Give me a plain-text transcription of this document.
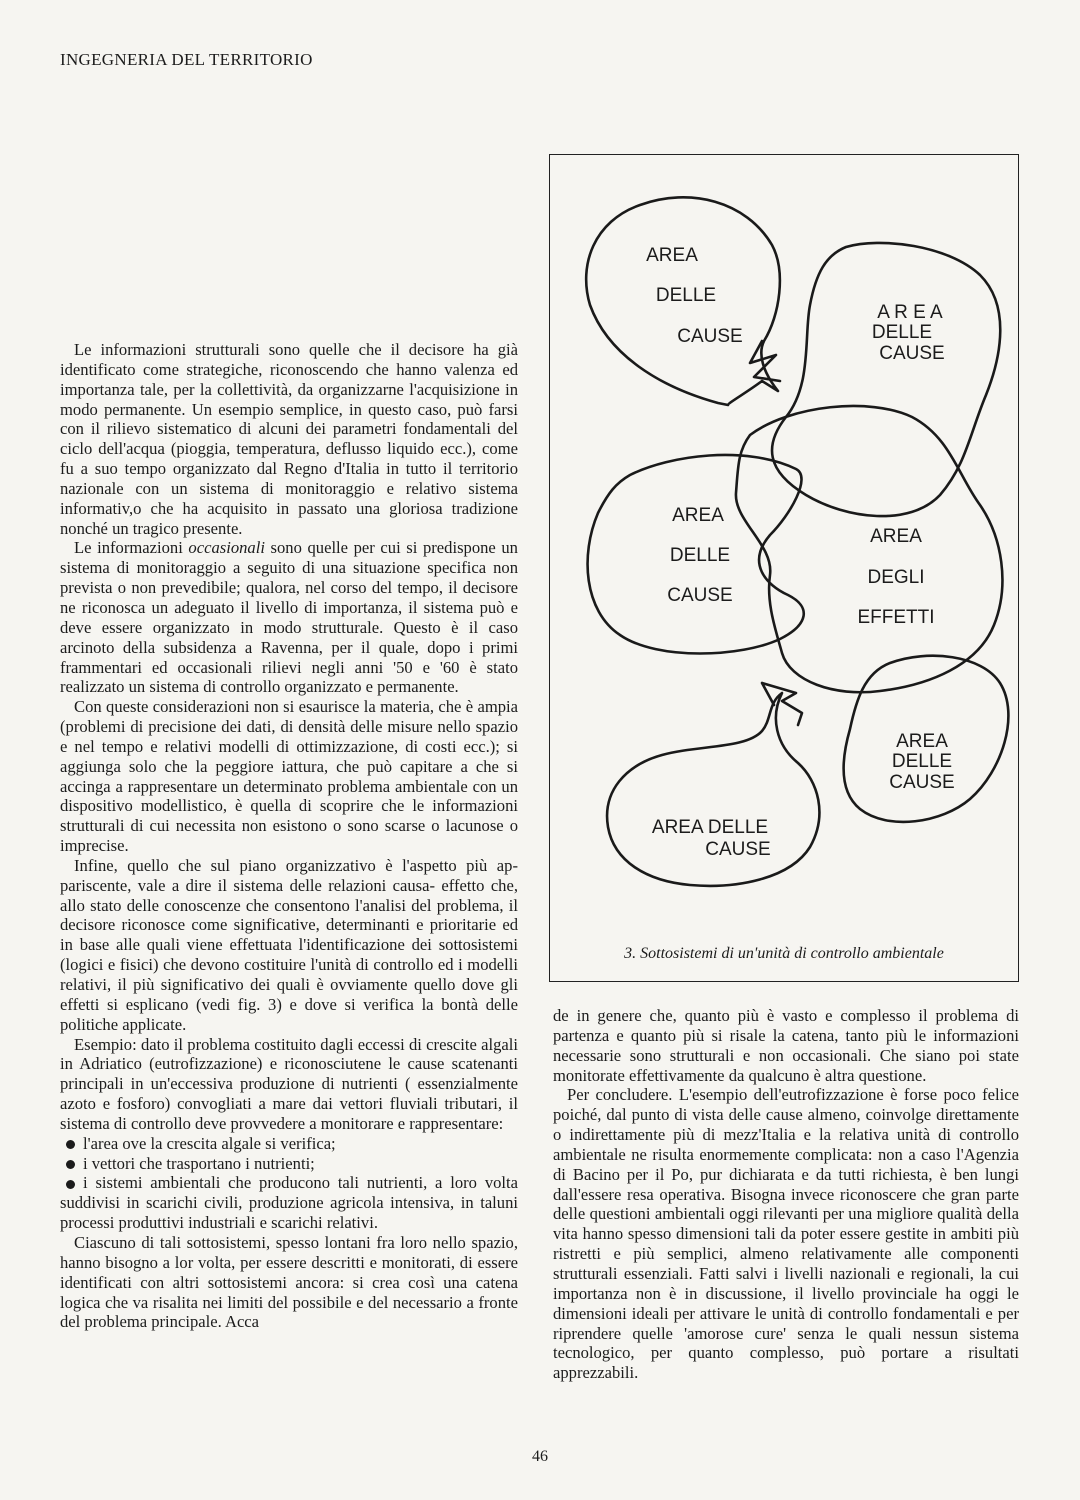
INGEGNERIA DEL TERRITORIO

Le informazioni strutturali sono quelle che il decisore ha già identificato come strategiche, riconoscendo che hanno valenza ed importanza tale, per la collettività, da organizzarne l'acquisizione in modo permanente. Un esempio semplice, in questo caso, può farsi con il rilievo sistematico di alcuni dei parametri fondamentali del ciclo dell'acqua (pioggia, temperatura, deflusso liquido ecc.), come fu a suo tempo organizzato dal Regno d'Italia in tutto il territorio nazionale con un sistema di monitoraggio e relativo sistema informativ,o che ha acquisito in passato una gloriosa tradizione nonché un tragico presente.

Le informazioni occasionali sono quelle per cui si predispone un sistema di monitoraggio a seguito di una situazione specifica non prevista o non prevedibile; qualora, nel corso del tempo, il decisore ne riconosca un adeguato il livello di importanza, il sistema può e deve essere organizzato in modo strutturale. Questo è il caso arcinoto della subsidenza a Ravenna, per il quale, dopo i primi frammentari ed occasionali rilievi negli anni '50 e '60 è stato realizzato un sistema di controllo organizzato e permanente.

Con queste considerazioni non si esaurisce la materia, che è ampia (problemi di precisione dei dati, di densità delle misure nello spazio e nel tempo e relativi modelli di ottimizzazione, di costi ecc.); si aggiunga solo che la peggiore iattura, che può capitare a che si accinga a rappresentare un determinato problema ambientale con un dispositivo modellistico, è quella di scoprire che le informazioni strutturali di cui necessita non esistono o sono scarse o lacunose o imprecise.

Infine, quello che sul piano organizzativo è l'aspetto più appariscente, vale a dire il sistema delle relazioni causa- effetto che, allo stato delle conoscenze che consentono l'analisi del problema, il decisore riconosce come significative, determinanti e prioritarie ed in base alle quali viene effettuata l'identificazione dei sottosistemi (logici e fisici) che devono costituire l'unità di controllo ed i modelli relativi, il più significativo dei quali è ovviamente quello dove gli effetti si esplicano (vedi fig. 3) e dove si verifica la bontà delle politiche applicate.

Esempio: dato il problema costituito dagli eccessi di crescite algali in Adriatico (eutrofizzazione) e riconosciutene le cause scatenanti principali in un'eccessiva produzione di nutrienti ( essenzialmente azoto e fosforo) convogliati a mare dai vettori fluviali tributari, il sistema di controllo deve provvedere a monitorare e rappresentare:

l'area ove la crescita algale si verifica;

i vettori che trasportano i nutrienti;

i sistemi ambientali che producono tali nutrienti, a loro volta suddivisi in scarichi civili, produzione agricola intensiva, in taluni processi produttivi industriali e scarichi relativi.

Ciascuno di tali sottosistemi, spesso lontani fra loro nello spazio, hanno bisogno a lor volta, per essere descritti e monitorati, di essere identificati con altri sottosistemi ancora: si crea così una catena logica che va risalita nei limiti del possibile e del necessario a fronte del problema principale. Acca

AREA
DELLE
CAUSE
A R E A
DELLE
CAUSE
AREA
DELLE
CAUSE
AREA
DEGLI
EFFETTI
AREA
DELLE
CAUSE
AREA DELLE
CAUSE
3. Sottosistemi di un'unità di controllo ambientale

de in genere che, quanto più è vasto e complesso il problema di partenza e quanto più si risale la catena, tanto più le informazioni necessarie sono strutturali e non occasionali. Che siano poi state monitorate effettivamente da qualcuno è altra questione.

Per concludere. L'esempio dell'eutrofizzazione è forse poco felice poiché, dal punto di vista delle cause almeno, coinvolge direttamente o indirettamente più di mezz'Italia e la relativa unità di controllo ambientale ne risulta enormemente complicata: non a caso l'Agenzia di Bacino per il Po, pur dichiarata e da tutti richiesta, è ben lungi dall'essere resa operativa. Bisogna invece riconoscere che gran parte delle questioni ambientali oggi rilevanti per una migliore qualità della vita hanno spesso dimensioni tali da poter essere gestite in ambiti più ristretti e più semplici, almeno relativamente alle componenti strutturali essenziali. Fatti salvi i livelli nazionali e regionali, la cui importanza non è in discussione, il livello provinciale ha oggi le dimensioni ideali per attivare le unità di controllo fondamentali e per riprendere quelle 'amorose cure' senza le quali nessun sistema tecnologico, per quanto complesso, può portare a risultati apprezzabili.

46
